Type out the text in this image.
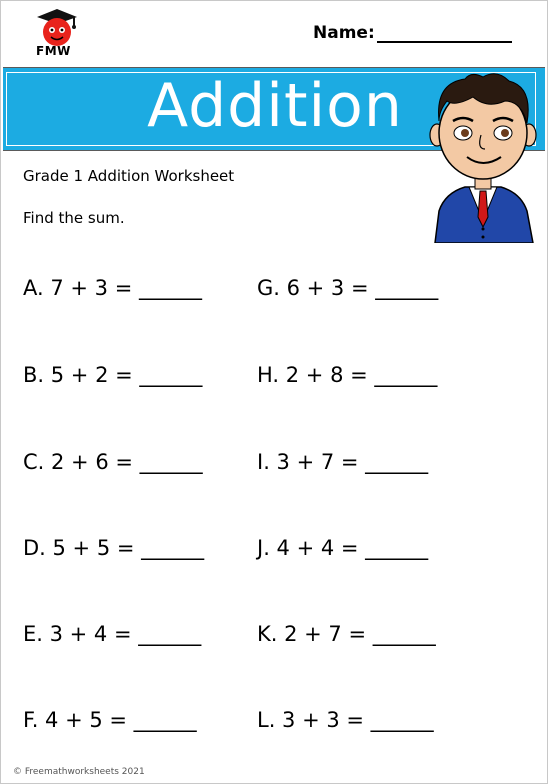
FMW
Name:
Addition
Grade 1 Addition Worksheet
Find the sum.
A. 7 + 3 = ______
B. 5 + 2 = ______
C. 2 + 6 = ______
D. 5 + 5 = ______
E. 3 + 4 = ______
F. 4 + 5 = ______
G. 6 + 3 = ______
H. 2 + 8 = ______
I. 3 + 7 = ______
J. 4 + 4 = ______
K. 2 + 7 = ______
L. 3 + 3 = ______
© Freemathworksheets 2021
